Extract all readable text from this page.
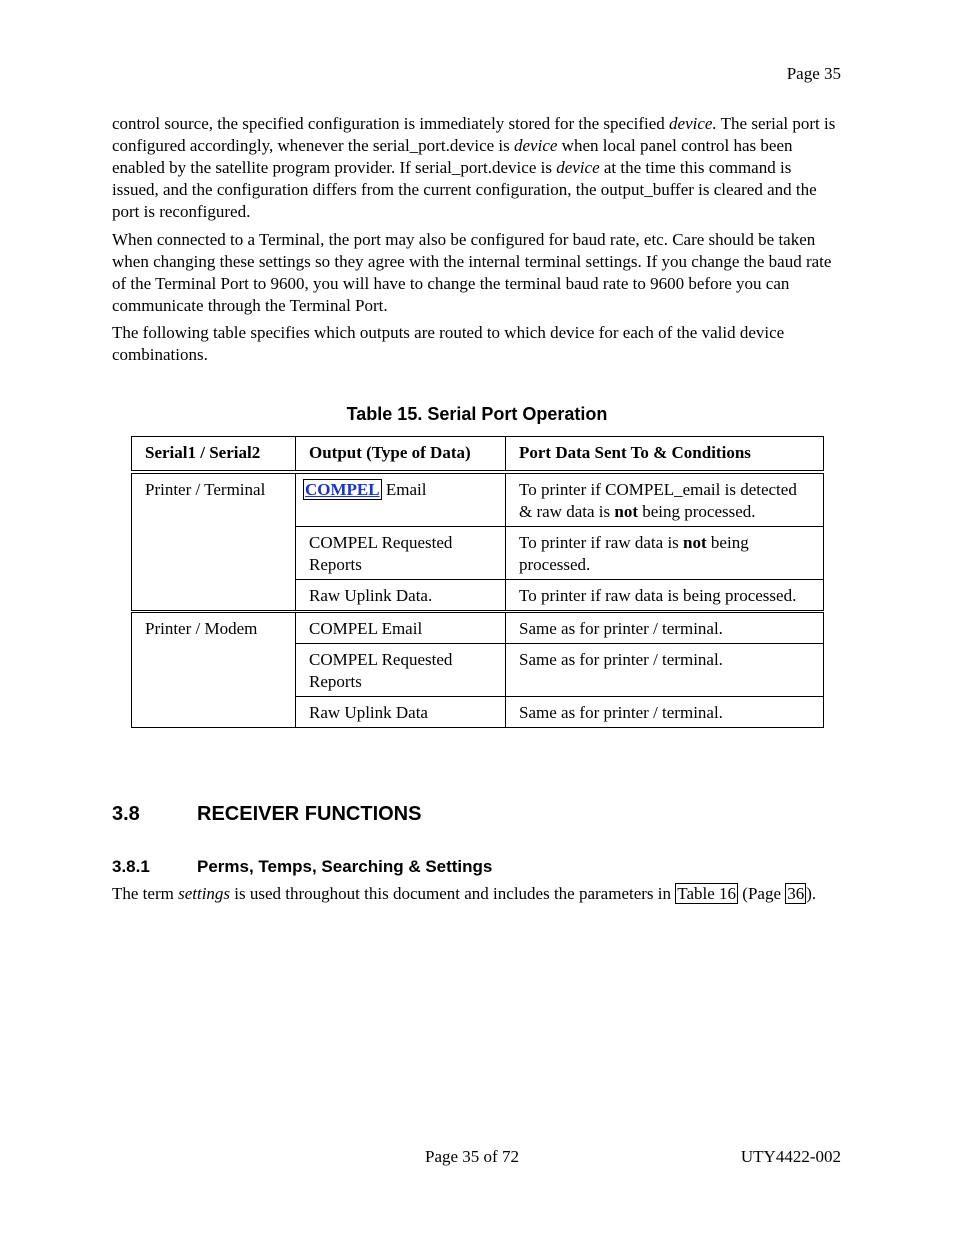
Page 35
control source, the specified configuration is immediately stored for the specified device. The serial port is configured accordingly, whenever the serial_port.device is device when local panel control has been enabled by the satellite program provider. If serial_port.device is device at the time this command is issued, and the configuration differs from the current configuration, the output_buffer is cleared and the port is reconfigured.
When connected to a Terminal, the port may also be configured for baud rate, etc. Care should be taken when changing these settings so they agree with the internal terminal settings. If you change the baud rate of the Terminal Port to 9600, you will have to change the terminal baud rate to 9600 before you can communicate through the Terminal Port.
The following table specifies which outputs are routed to which device for each of the valid device combinations.
Table 15. Serial Port Operation
Serial1 / Serial2	Output (Type of Data)	Port Data Sent To & Conditions
Printer / Terminal	COMPEL Email	To printer if COMPEL_email is detected & raw data is not being processed.
	COMPEL Requested Reports	To printer if raw data is not being processed.
	Raw Uplink Data.	To printer if raw data is being processed.
Printer / Modem	COMPEL Email	Same as for printer / terminal.
	COMPEL Requested Reports	Same as for printer / terminal.
	Raw Uplink Data	Same as for printer / terminal.
3.8	RECEIVER FUNCTIONS
3.8.1	Perms, Temps, Searching & Settings
The term settings is used throughout this document and includes the parameters in Table 16 (Page 36 ).
Page 35 of 72	UTY4422-002
